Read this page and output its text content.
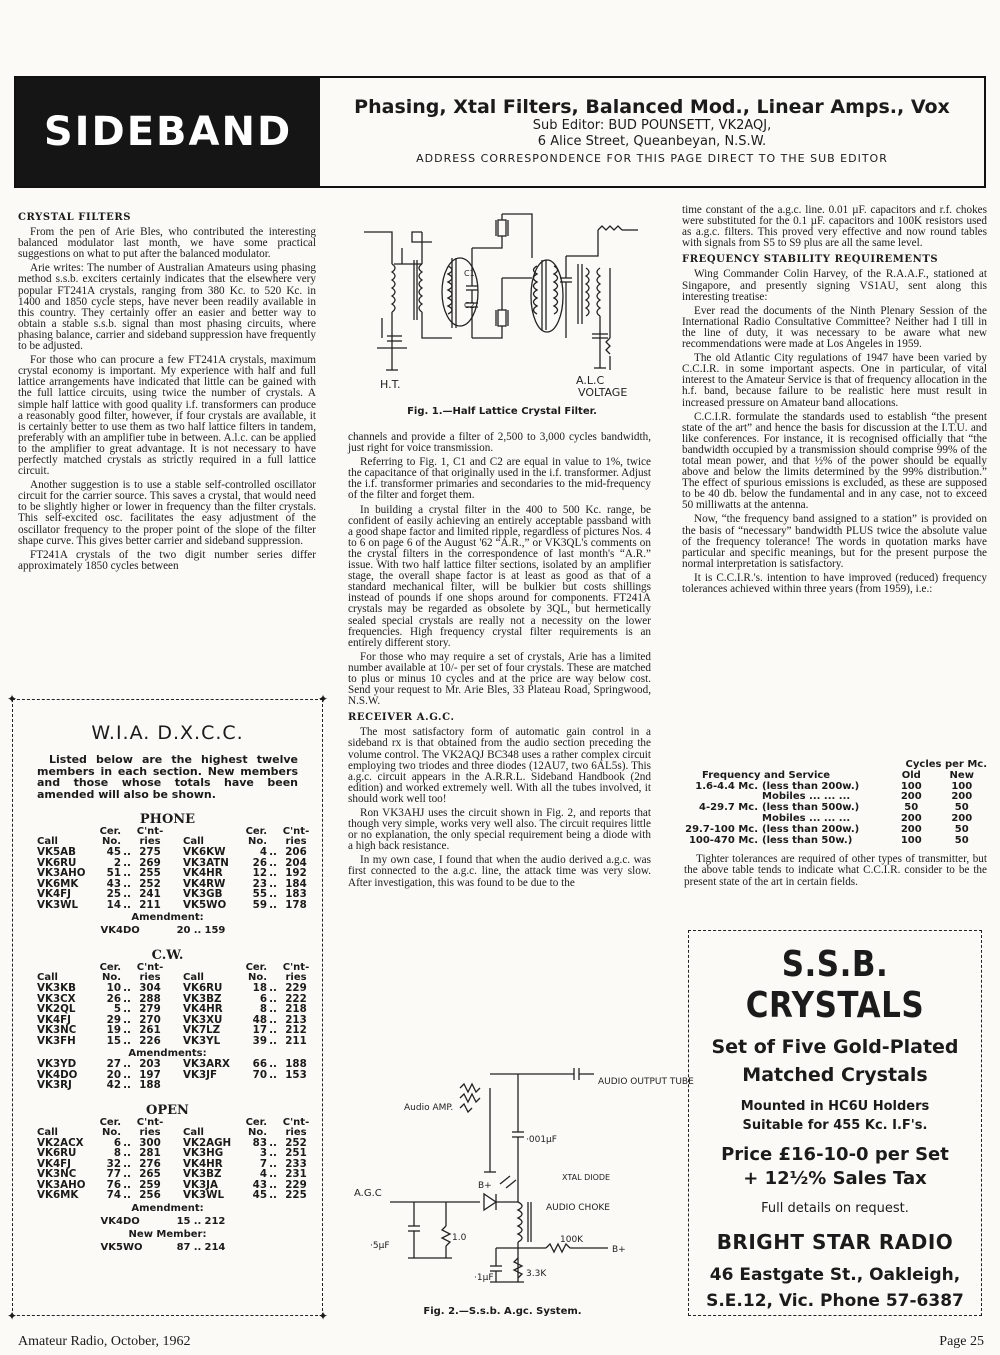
SIDEBAND
Phasing, Xtal Filters, Balanced Mod., Linear Amps., Vox
Sub Editor: BUD POUNSETT, VK2AQJ,
6 Alice Street, Queanbeyan, N.S.W.
ADDRESS CORRESPONDENCE FOR THIS PAGE DIRECT TO THE SUB EDITOR
CRYSTAL FILTERS

From the pen of Arie Bles, who contributed the interesting balanced modulator last month, we have some practical suggestions on what to put after the balanced modulator.

Arie writes: The number of Australian Amateurs using phasing method s.s.b. exciters certainly indicates that the elsewhere very popular FT241A crystals, ranging from 380 Kc. to 520 Kc. in 1400 and 1850 cycle steps, have never been readily available in this country. They certainly offer an easier and better way to obtain a stable s.s.b. signal than most phasing circuits, where phasing balance, carrier and sideband suppression have frequently to be adjusted.

For those who can procure a few FT241A crystals, maximum crystal economy is important. My experience with half and full lattice arrangements have indicated that little can be gained with the full lattice circuits, using twice the number of crystals. A simple half lattice with good quality i.f. transformers can produce a reasonably good filter, however, if four crystals are available, it is certainly better to use them as two half lattice filters in tandem, preferably with an amplifier tube in between. A.l.c. can be applied to the amplifier to great advantage. It is not necessary to have perfectly matched crystals as strictly required in a full lattice circuit.

Another suggestion is to use a stable self-controlled oscillator circuit for the carrier source. This saves a crystal, that would need to be slightly higher or lower in frequency than the filter crystals. This self-excited osc. facilitates the easy adjustment of the oscillator frequency to the proper point of the slope of the filter shape curve. This gives better carrier and sideband suppression.

FT241A crystals of the two digit number series differ approximately 1850 cycles between

H.T.
C1
C2
A.L.C
VOLTAGE
Fig. 1.—Half Lattice Crystal Filter.

channels and provide a filter of 2,500 to 3,000 cycles bandwidth, just right for voice transmission.

Referring to Fig. 1, C1 and C2 are equal in value to 1%, twice the capacitance of that originally used in the i.f. transformer. Adjust the i.f. transformer primaries and secondaries to the mid-frequency of the filter and forget them.

In building a crystal filter in the 400 to 500 Kc. range, be confident of easily achieving an entirely acceptable passband with a good shape factor and limited ripple, regardless of pictures Nos. 4 to 6 on page 6 of the August '62 “A.R.,” or VK3QL's comments on the crystal filters in the correspondence of last month's “A.R.” issue. With two half lattice filter sections, isolated by an amplifier stage, the overall shape factor is at least as good as that of a standard mechanical filter, will be bulkier but costs shillings instead of pounds if one shops around for components. FT241A crystals may be regarded as obsolete by 3QL, but hermetically sealed special crystals are really not a necessity on the lower frequencies. High frequency crystal filter requirements is an entirely different story.

For those who may require a set of crystals, Arie has a limited number available at 10/- per set of four crystals. These are matched to plus or minus 10 cycles and at the price are way below cost. Send your request to Mr. Arie Bles, 33 Plateau Road, Springwood, N.S.W.

RECEIVER A.G.C.

The most satisfactory form of automatic gain control in a sideband rx is that obtained from the audio section preceding the volume control. The VK2AQJ BC348 uses a rather complex circuit employing two triodes and three diodes (12AU7, two 6AL5s). This a.g.c. circuit appears in the A.R.R.L. Sideband Handbook (2nd edition) and worked extremely well. With all the tubes involved, it should work well too!

Ron VK3AHJ uses the circuit shown in Fig. 2, and reports that though very simple, works very well also. The circuit requires little or no explanation, the only special requirement being a diode with a high back resistance.

In my own case, I found that when the audio derived a.g.c. was first connected to the a.g.c. line, the attack time was very slow. After investigation, this was found to be due to the

Audio AMP.
AUDIO OUTPUT TUBE
·001µF
B+
XTAL DIODE
AUDIO CHOKE
A.G.C
1.0
·5µF
100K
B+
·1µF	3.3K
Fig. 2.—S.s.b. A.gc. System.

time constant of the a.g.c. line. 0.01 µF. capacitors and r.f. chokes were substituted for the 0.1 µF. capacitors and 100K resistors used as a.g.c. filters. This proved very effective and now round tables with signals from S5 to S9 plus are all the same level.

FREQUENCY STABILITY REQUIREMENTS

Wing Commander Colin Harvey, of the R.A.A.F., stationed at Singapore, and presently signing VS1AU, sent along this interesting treatise:

Ever read the documents of the Ninth Plenary Session of the International Radio Consultative Committee? Neither had I till in the line of duty, it was necessary to be aware what new recommendations were made at Los Angeles in 1959.

The old Atlantic City regulations of 1947 have been varied by C.C.I.R. in some important aspects. One in particular, of vital interest to the Amateur Service is that of frequency allocation in the h.f. band, because failure to be realistic here must result in increased pressure on Amateur band allocations.

C.C.I.R. formulate the standards used to establish “the present state of the art” and hence the basis for discussion at the I.T.U. and like conferences. For instance, it is recognised officially that “the bandwidth occupied by a transmission should comprise 99% of the total mean power, and that ½% of the power should be equally above and below the limits determined by the 99% distribution.” The effect of spurious emissions is excluded, as these are supposed to be 40 db. below the fundamental and in any case, not to exceed 50 milliwatts at the antenna.

Now, “the frequency band assigned to a station” is provided on the basis of “necessary” bandwidth PLUS twice the absolute value of the frequency tolerance! The words in quotation marks have particular and specific meanings, but for the present purpose the normal interpretation is satisfactory.

It is C.C.I.R.'s. intention to have improved (reduced) frequency tolerances achieved within three years (from 1959), i.e.:

	Cycles per Mc.	
Frequency and Service	Old	New
1.6-4.4 Mc. (less than 200w.)	100	100
Mobiles ... ... ...	200	200
4-29.7 Mc. (less than 500w.)	50	50
Mobiles ... ... ...	200	200
29.7-100 Mc. (less than 200w.)	200	50
100-470 Mc. (less than 50w.)	100	50

Tighter tolerances are required of other types of transmitter, but the above table tends to indicate what C.C.I.R. consider to be the present state of the art in certain fields.

✦	✦
✦	✦
W.I.A. D.X.C.C.
Listed below are the highest twelve members in each section. New members and those whose totals have been amended will also be shown.
PHONE
	Cer.		C'nt-			Cer.		C'nt-
Call	No.		ries		Call	No.		ries
VK5AB	45	..	275		VK6KW	4	..	206
VK6RU	2	..	269		VK3ATN	26	..	204
VK3AHO	51	..	255		VK4HR	12	..	192
VK6MK	43	..	252		VK4RW	23	..	184
VK4FJ	25	..	241		VK3GB	55	..	183
VK3WL	14	..	211		VK5WO	59	..	178
Amendment:
VK4DO	20 .. 159
C.W.
	Cer.		C'nt-			Cer.		C'nt-
Call	No.		ries		Call	No.		ries
VK3KB	10	..	304		VK6RU	18	..	229
VK3CX	26	..	288		VK3BZ	6	..	222
VK2QL	5	..	279		VK4HR	8	..	218
VK4FJ	29	..	270		VK3XU	48	..	213
VK3NC	19	..	261		VK7LZ	17	..	212
VK3FH	15	..	226		VK3YL	39	..	211
Amendments:
VK3YD	27	..	203		VK3ARX	66	..	188
VK4DO	20	..	197		VK3JF	70	..	153
VK3RJ	42	..	188					
OPEN
	Cer.		C'nt-			Cer.		C'nt-
Call	No.		ries		Call	No.		ries
VK2ACX	6	..	300		VK2AGH	83	..	252
VK6RU	8	..	281		VK3HG	3	..	251
VK4FJ	32	..	276		VK4HR	7	..	233
VK3NC	77	..	265		VK3BZ	4	..	231
VK3AHO	76	..	259		VK3JA	43	..	229
VK6MK	74	..	256		VK3WL	45	..	225
Amendment:
VK4DO	15 .. 212
New Member:
VK5WO	87 .. 214
S.S.B. CRYSTALS
Set of Five Gold-Plated
Matched Crystals
Mounted in HC6U Holders
Suitable for 455 Kc. I.F's.
Price £16-10-0 per Set
+ 12½% Sales Tax
Full details on request.
BRIGHT STAR RADIO
46 Eastgate St., Oakleigh,
S.E.12, Vic. Phone 57-6387
Amateur Radio, October, 1962	Page 25
